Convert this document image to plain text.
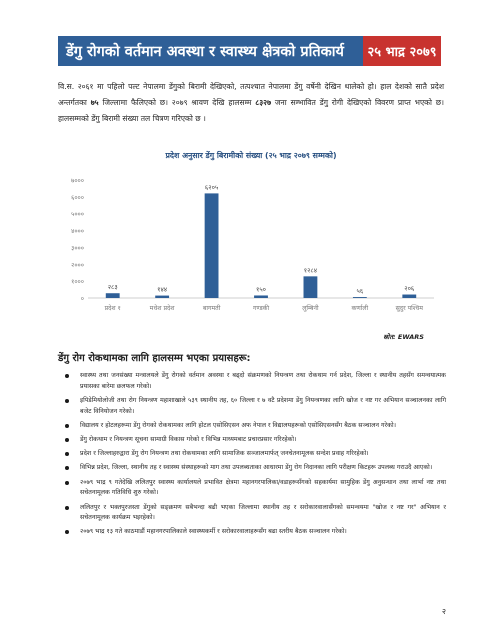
डेंगु रोगको वर्तमान अवस्था र स्वास्थ्य क्षेत्रको प्रतिकार्य	२५ भाद्र २०७९
वि.स. २०६१ मा पहिलो पल्ट नेपालमा डेंगुको बिरामी देखिएको, तत्पश्चात नेपालमा डेंगु वर्षेनी देखिन थालेको हो। हाल देशको सातै प्रदेश अन्तर्गतका ७५ जिल्लामा फैलिएको छ। २०७९ श्रावण देखि हालसम्म ८३२७ जना सम्भावित डेंगु रोगी देखिएको विवरण प्राप्त भएको छ। हालसम्मको डेंगु बिरामी संख्या तल चित्रण गरिएको छ ।
प्रदेश अनुसार डेंगु बिरामीको संख्या (२५ भाद्र २०७९ सम्मको)
०
१०००
२०००
३०००
४०००
५०००
६०००
७०००
२८३
प्रदेश १
१४४
मधेश प्रदेश
६२०५
बागमती
१५०
गण्डकी
१२८४
लुम्बिनी
५६
कर्णाली
२०६
सुदुर पश्चिम
स्रोत: EWARS
डेंगु रोग रोकथामका लागि हालसम्म भएका प्रयासहरू:
स्वास्थ्य तथा जनसंख्या मन्त्रालयले डेंगु रोगको वर्तमान अवस्था र बढ्दो संक्रमणको नियन्त्रण तथा रोकथाम गर्न प्रदेश, जिल्ला र स्थानीय तहसँग समन्वयात्मक प्रयासका बारेमा छलफल गरेको।
इपिडेमियोलोजी तथा रोग नियन्त्रण महाशाखाले ५३९ स्थानीय तह, ६० जिल्ला र ७ वटै प्रदेशमा डेंगु नियन्त्रणका लागि खोज र नष्ट गर अभियान सञ्चालनका लागि बजेट विनियोजन गरेको।
विद्यालय र होटलहरूमा डेंगु रोगको रोकथामका लागि होटल एसोसिएसन अफ नेपाल र विद्यालयहरूको एसोसिएसनसँग बैठक सञ्चालन गरेको।
डेंगु रोकथाम र नियन्त्रण सूचना सामाग्री विकास गरेको र विभिन्न माध्यमबाट प्रचारप्रसार गरिरहेको।
प्रदेश र जिल्लाहरुद्वारा डेंगु रोग नियन्त्रण तथा रोकथामका लागि सामाजिक सञ्जालमार्फत् जनचेतनामूलक सन्देश प्रवाह गरिरहेको।
विभिन्न प्रदेश, जिल्ला, स्थानीय तह र स्वास्थ्य संस्थाहरूको माग तथा उपलब्धताका आधारमा डेंगु रोग निदानका लागि परीक्षण किटहरू उपलब्ध गराउदै आएको।
२०७९ भाद्र ९ गतेदेखि ललितपुर स्वास्थ्य कार्यालयले प्रभावित क्षेत्रमा महानगरपालिका/वडाहरूसँगको सहकार्यमा सामुहिक डेंगु अनुसन्धान तथा लार्भा नष्ट तथा सचेतनामूलक गतिविधि शुरु गरेको।
ललितपुर र भक्तपुरजस्ता डेंगुको सङ्क्रमण सबैभन्दा बढी भएका जिल्लामा स्थानीय तह र सरोकारवालासँगको समन्वयमा "खोज र नष्ट गर" अभियान र सचेतनामूलक कार्यक्रम भइरहेको।
२०७९ भाद्र १३ गते काठमाडौं महानगरपालिकाले स्वास्थ्यकर्मी र सरोकारवालाहरूसँग बढा स्तरीय बैठक सञ्चालन गरेको।
२
